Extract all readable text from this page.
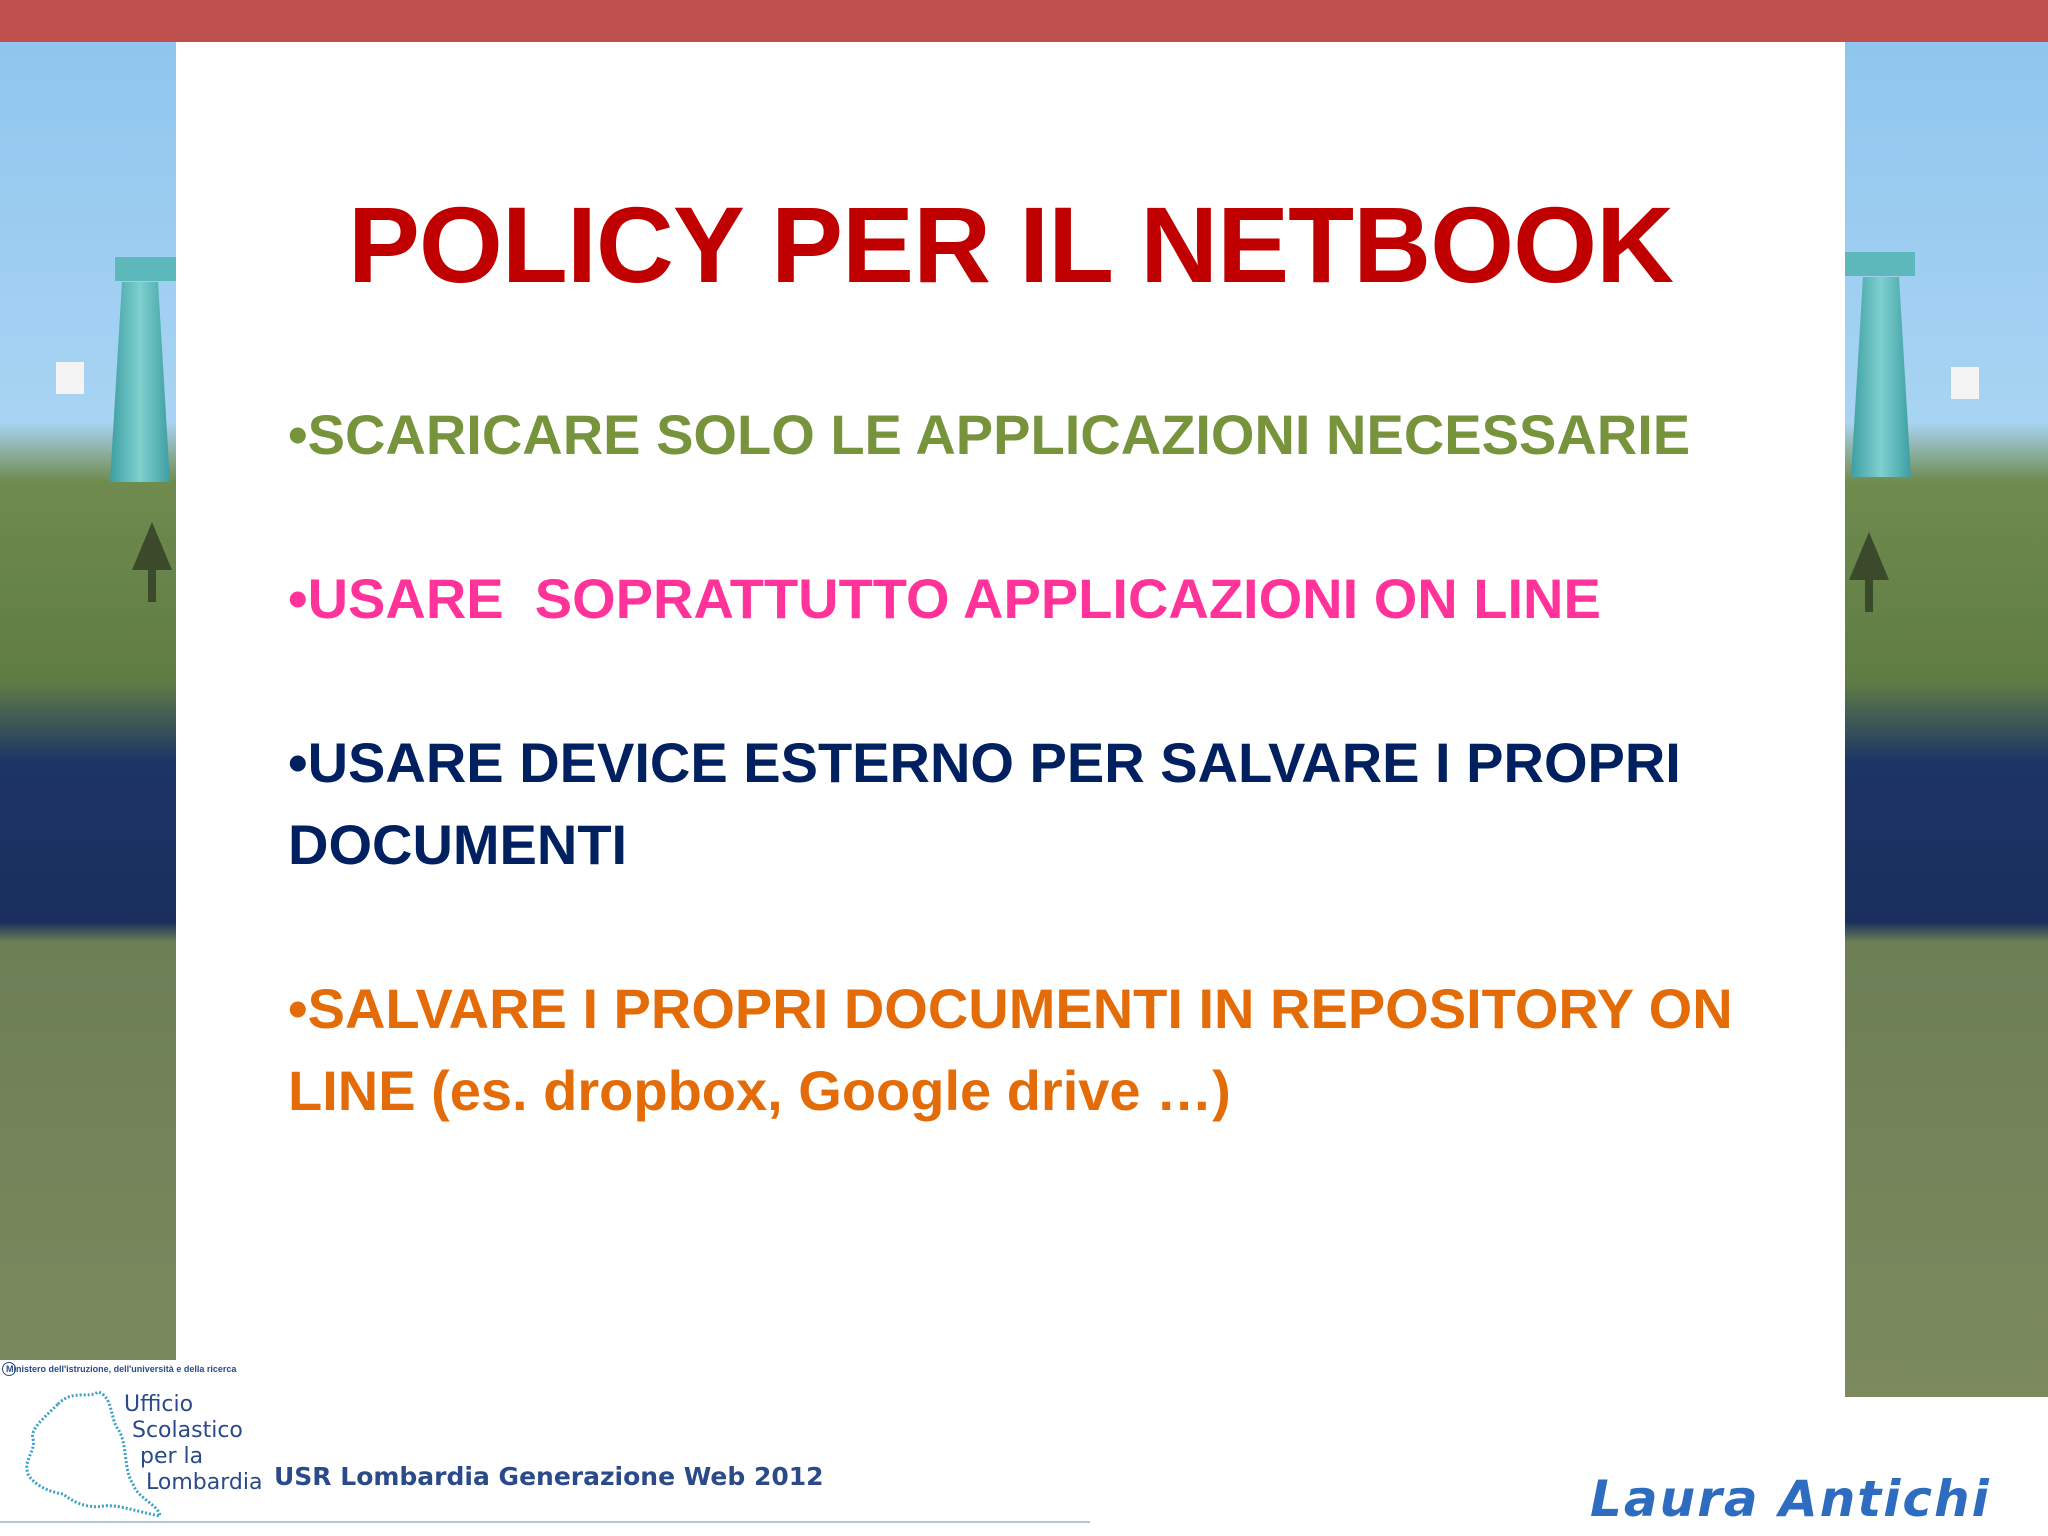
POLICY PER IL NETBOOK

•SCARICARE SOLO LE APPLICAZIONI NECESSARIE

•USARE  SOPRATTUTTO APPLICAZIONI ON LINE

•USARE DEVICE ESTERNO PER SALVARE I PROPRI DOCUMENTI

•SALVARE I PROPRI DOCUMENTI IN REPOSITORY ON LINE (es. dropbox, Google drive …)

Ministero dell'istruzione, dell'università e della ricerca
Ufficio
Scolastico
per la
Lombardia USR Lombardia Generazione Web 2012	Laura Antichi
